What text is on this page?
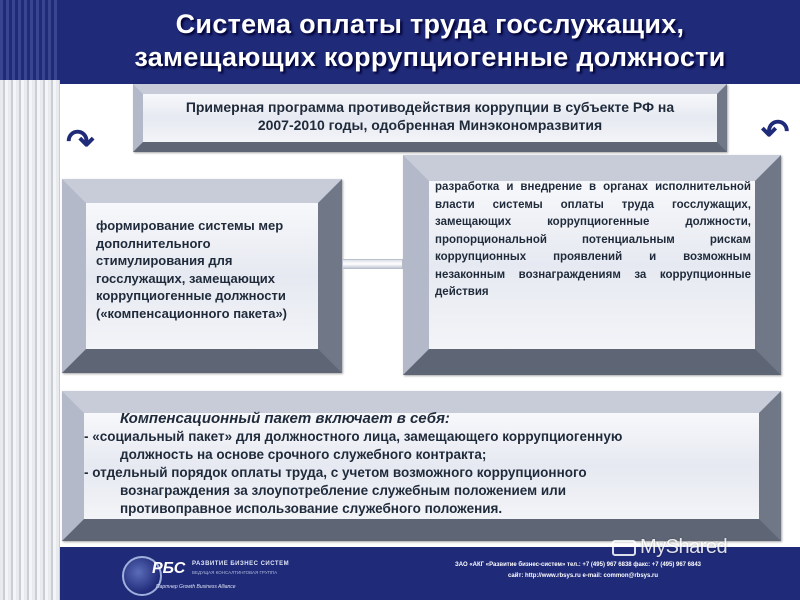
Система оплаты труда госслужащих,
замещающих коррупциогенные должности
↷	↶
Примерная программа противодействия коррупции в субъекте РФ на
2007-2010 годы, одобренная Минэкономразвития
формирование системы мер
дополнительного
стимулирования для
госслужащих, замещающих
коррупциогенные должности
(«компенсационного пакета»)
разработка и внедрение в органах исполнительной власти системы оплаты труда госслужащих, замещающих коррупциогенные должности, пропорциональной потенциальным рискам коррупционных проявлений и возможным незаконным вознаграждениям за коррупционные действия
Компенсационный пакет включает в себя:
- «социальный пакет» для должностного лица, замещающего коррупциогенную
должность на основе срочного служебного контракта;
- отдельный порядок оплаты труда, с учетом возможного коррупционного
вознаграждения за злоупотребление служебным положением или
противоправное использование служебного положения.
РБС РАЗВИТИЕ БИЗНЕС СИСТЕМ
ВЕДУЩАЯ КОНСАЛТИНГОВАЯ ГРУППА
Партнер Growth Business Alliance
ЗАО «АКГ «Развитие бизнес-систем» тел.: +7 (495) 967 6838 факс: +7 (495) 967 6843
сайт: http://www.rbsys.ru e-mail: common@rbsys.ru
MyShared
